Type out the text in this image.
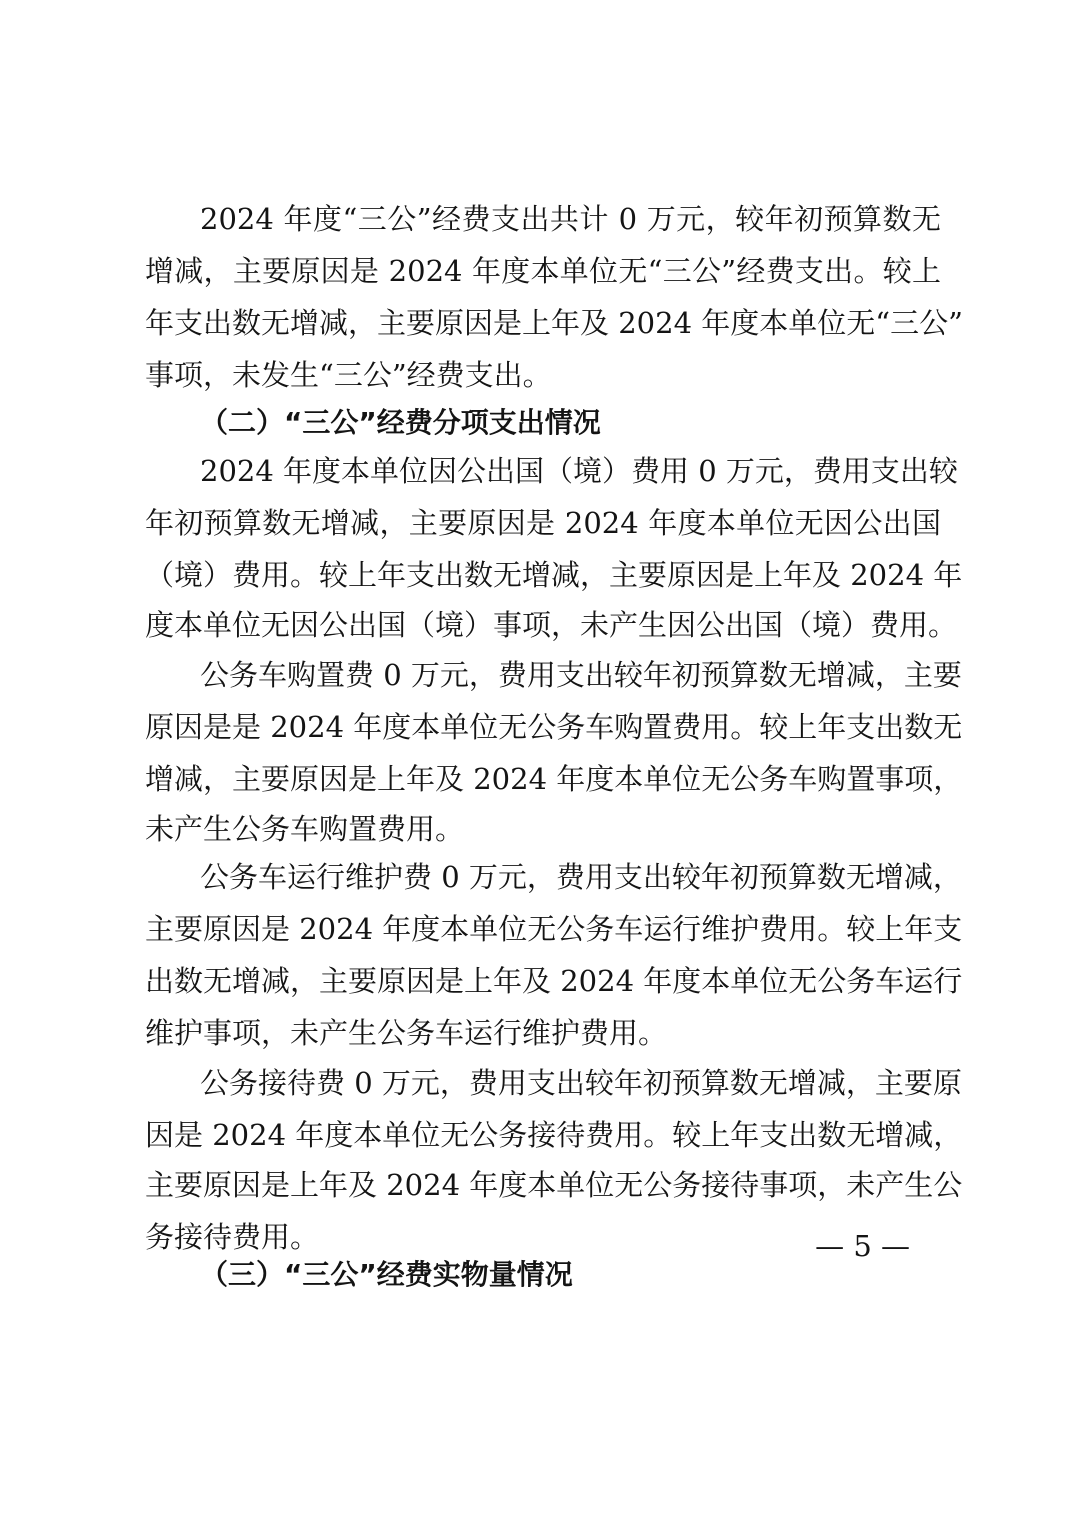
2024 年度“三公”经费支出共计 0 万元，较年初预算数无
增减，主要原因是 2024 年度本单位无“三公”经费支出。较上
年支出数无增减，主要原因是上年及 2024 年度本单位无“三公”
事项，未发生“三公”经费支出。
（二）“三公”经费分项支出情况
2024 年度本单位因公出国（境）费用 0 万元，费用支出较
年初预算数无增减，主要原因是 2024 年度本单位无因公出国
（境）费用。较上年支出数无增减，主要原因是上年及 2024 年
度本单位无因公出国（境）事项，未产生因公出国（境）费用。
公务车购置费 0 万元，费用支出较年初预算数无增减，主要
原因是是 2024 年度本单位无公务车购置费用。较上年支出数无
增减，主要原因是上年及 2024 年度本单位无公务车购置事项，
未产生公务车购置费用。
公务车运行维护费 0 万元，费用支出较年初预算数无增减，
主要原因是 2024 年度本单位无公务车运行维护费用。较上年支
出数无增减，主要原因是上年及 2024 年度本单位无公务车运行
维护事项，未产生公务车运行维护费用。
公务接待费 0 万元，费用支出较年初预算数无增减，主要原
因是 2024 年度本单位无公务接待费用。较上年支出数无增减，
主要原因是上年及 2024 年度本单位无公务接待事项，未产生公
务接待费用。
（三）“三公”经费实物量情况
— 5 —
